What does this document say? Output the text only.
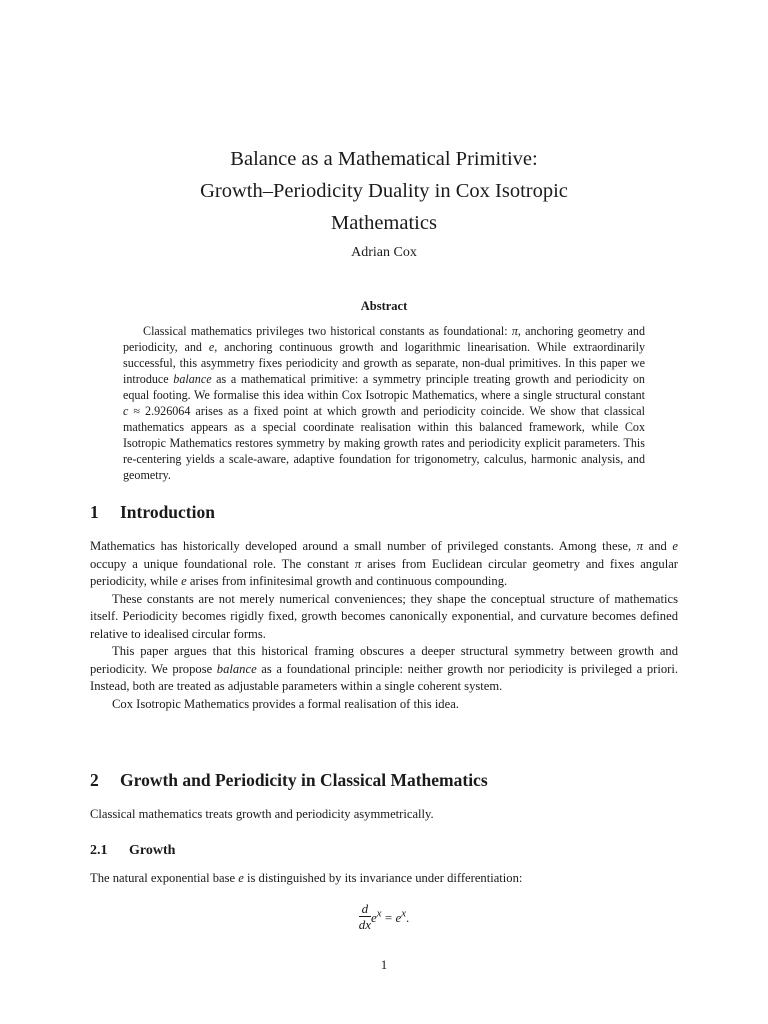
Balance as a Mathematical Primitive:
Growth–Periodicity Duality in Cox Isotropic
Mathematics
Adrian Cox
Abstract

Classical mathematics privileges two historical constants as foundational: π, anchoring geometry and periodicity, and e, anchoring continuous growth and logarithmic linearisation. While extraordinarily successful, this asymmetry fixes periodicity and growth as separate, non-dual primitives. In this paper we introduce balance as a mathematical primitive: a symmetry principle treating growth and periodicity on equal footing. We formalise this idea within Cox Isotropic Mathematics, where a single structural constant c ≈ 2.926064 arises as a fixed point at which growth and periodicity coincide. We show that classical mathematics appears as a special coordinate realisation within this balanced framework, while Cox Isotropic Mathematics restores symmetry by making growth rates and periodicity explicit parameters. This re-centering yields a scale-aware, adaptive foundation for trigonometry, calculus, harmonic analysis, and geometry.

1 Introduction

Mathematics has historically developed around a small number of privileged constants. Among these, π and e occupy a unique foundational role. The constant π arises from Euclidean circular geometry and fixes angular periodicity, while e arises from infinitesimal growth and continuous compounding.

These constants are not merely numerical conveniences; they shape the conceptual structure of mathematics itself. Periodicity becomes rigidly fixed, growth becomes canonically exponential, and curvature becomes defined relative to idealised circular forms.

This paper argues that this historical framing obscures a deeper structural symmetry between growth and periodicity. We propose balance as a foundational principle: neither growth nor periodicity is privileged a priori. Instead, both are treated as adjustable parameters within a single coherent system.

Cox Isotropic Mathematics provides a formal realisation of this idea.

2 Growth and Periodicity in Classical Mathematics

Classical mathematics treats growth and periodicity asymmetrically.

2.1 Growth

The natural exponential base e is distinguished by its invariance under differentiation:

$\frac{d}{dx} e^x = e^x$.
1
